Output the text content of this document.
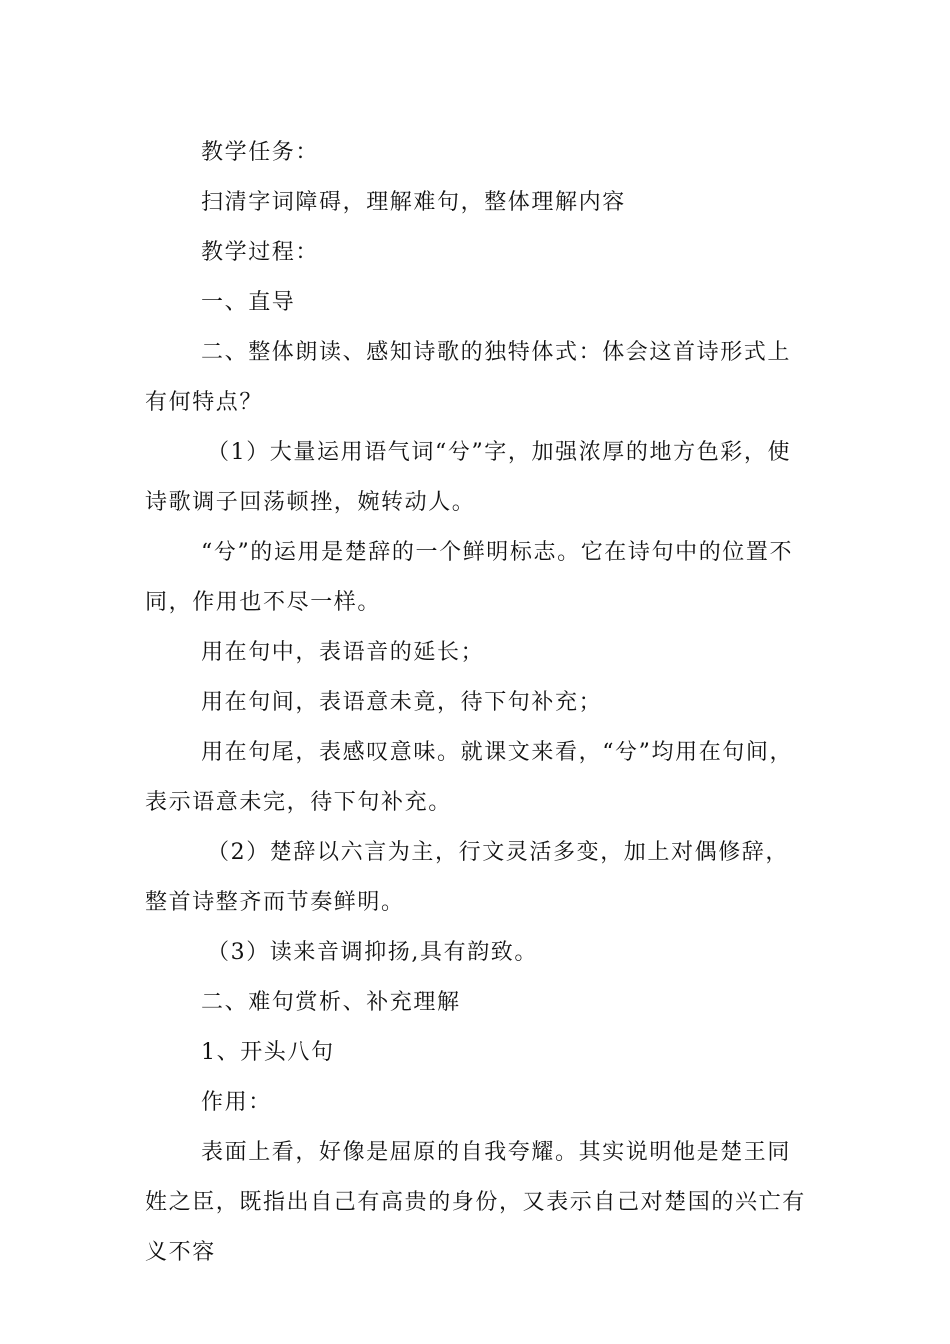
教学任务：

扫清字词障碍，理解难句，整体理解内容

教学过程：

一、直导

二、整体朗读、感知诗歌的独特体式：体会这首诗形式上有何特点？

（1）大量运用语气词“兮”字，加强浓厚的地方色彩，使诗歌调子回荡顿挫，婉转动人。

“兮”的运用是楚辞的一个鲜明标志。它在诗句中的位置不同，作用也不尽一样。

用在句中，表语音的延长；

用在句间，表语意未竟，待下句补充；

用在句尾，表感叹意味。就课文来看，“兮”均用在句间，表示语意未完，待下句补充。

（2）楚辞以六言为主，行文灵活多变，加上对偶修辞，整首诗整齐而节奏鲜明。

（3）读来音调抑扬,具有韵致。

二、难句赏析、补充理解

1、开头八句

作用：

表面上看，好像是屈原的自我夸耀。其实说明他是楚王同姓之臣，既指出自己有高贵的身份，又表示自己对楚国的兴亡有义不容
